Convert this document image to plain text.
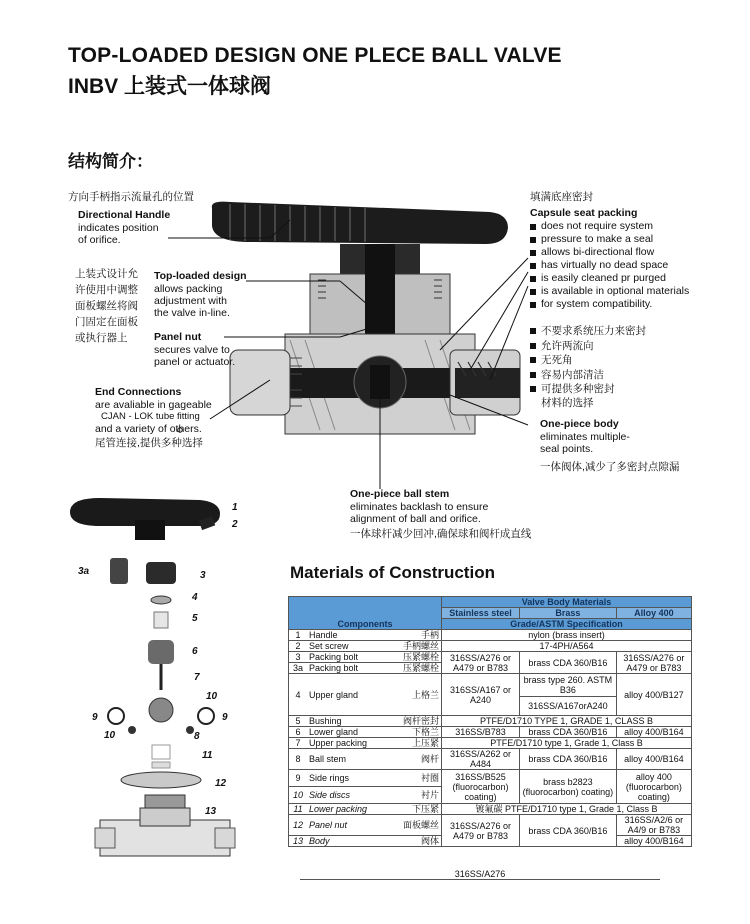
TOP-LOADED DESIGN ONE PLECE BALL VALVE
INBV 上装式一体球阀
结构简介：
方向手柄指示流量孔的位置
Directional Handle
indicates position
of orifice.
上装式设计允
许使用中调整
面板螺丝将阀
门固定在面板
或执行器上
Top-loaded design
allows packing
adjustment with
the valve in-line.
Panel nut
secures valve to
panel or actuator.
End Connections
are avaliable in gageable
CJAN - LOK tube fitting
and a variety of others.
尾管连接,提供多种选择
One-piece ball stem
eliminates backlash to ensure
alignment of ball and orifice.
一体球杆减少回冲,确保球和阀杆成直线
填满底座密封
Capsule seat packing
does not require system
pressure to make a seal
allows bi-directional flow
has virtually no dead space
is easily cleaned pr purged
is available in optional materials
for system compatibility.
不要求系统压力来密封
允许两流向
无死角
容易内部清洁
可提供多种密封
材料的选择
One-piece body
eliminates multiple-
seal points.
一体阀体,减少了多密封点隙漏
1
2
3a	3
4
5
6
7
10
9	9
10	8
11
12
13
Materials of Construction
Components			Valve Body Materials		
			Stainless steel	Brass	Alloy 400
			Grade/ASTM Specification		
1	Handle	手柄	nylon (brass insert)		
2	Set screw	手柄螺丝	17-4PH/A564		
3	Packing bolt	压紧螺栓	316SS/A276 or A479 or B783	brass CDA 360/B16	316SS/A276 or A479 or B783
3a	Packing bolt	压紧螺栓			
4	Upper gland	上格兰	316SS/A167 or A240	brass type 260. ASTM B36	alloy 400/B127
				316SS/A167orA240	
5	Bushing	阀杆密封	PTFE/D1710 TYPE 1, GRADE 1, CLASS B		
6	Lower gland	下格兰	316SS/B783	brass CDA 360/B16	alloy 400/B164
7	Upper packing	上压紧	PTFE/D1710 type 1, Grade 1, Class B		
8	Ball stem	阀杆	316SS/A262 or A484	brass CDA 360/B16	alloy 400/B164
9	Side rings	衬圈	316SS/B525 (fluorocarbon) coating)	brass b2823 (fluorocarbon) coating)	alloy 400 (fluorocarbon) coating)
10	Side discs	衬片			
11	Lower packing	下压紧	镀氟碳 PTFE/D1710 type 1, Grade 1, Class B		
12	Panel nut	面板螺丝	316SS/A276 or A479 or B783	brass CDA 360/B16	316SS/A2/6 or A4/9 or B783
13	Body	阀体			alloy 400/B164
316SS/A276
